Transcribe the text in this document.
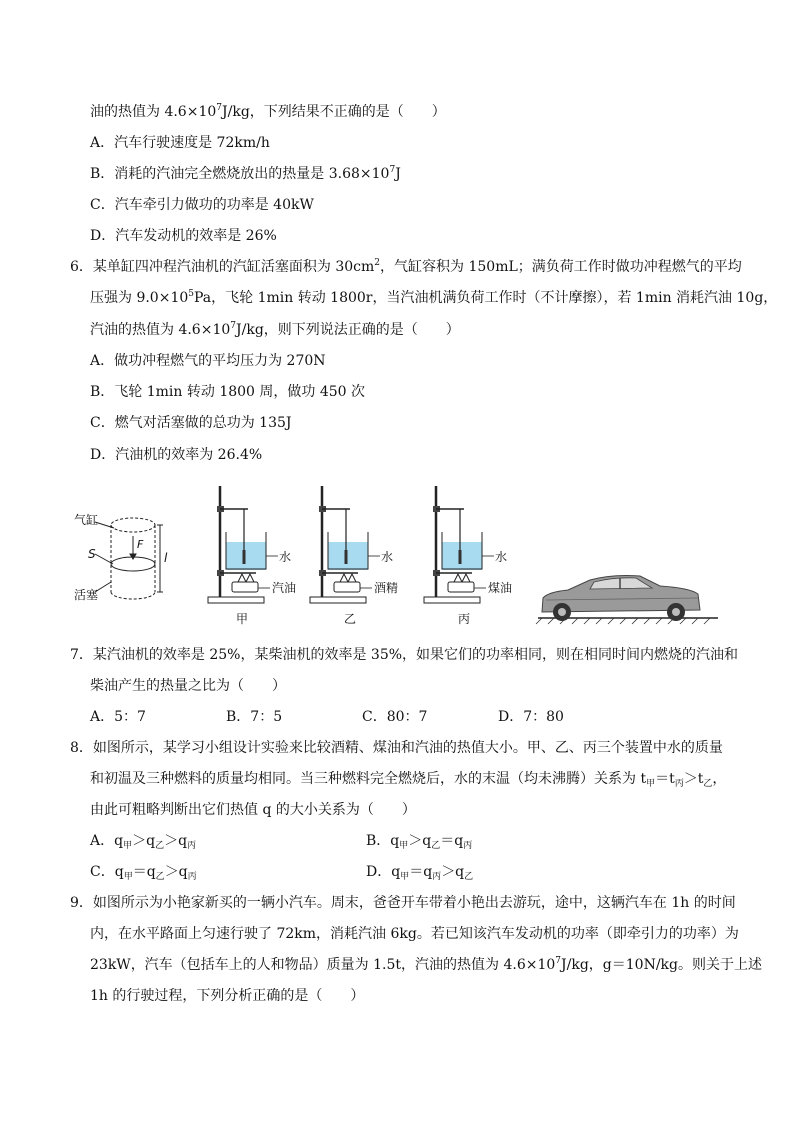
油的热值为 $4.6\times 10^7J/kg$，下列结果不正确的是（　　）
A．汽车行驶速度是 72km/h
B．消耗的汽油完全燃烧放出的热量是 $3.68\times 10^7J$
C．汽车牵引力做功的功率是 40kW
D．汽车发动机的效率是 26%
6．某单缸四冲程汽油机的汽缸活塞面积为 $30cm^2$，气缸容积为 150mL；满负荷工作时做功冲程燃气的平均
压强为 $9.0\times 10^5Pa$，飞轮 1min 转动 1800r，当汽油机满负荷工作时（不计摩擦），若 1min 消耗汽油 10g，
汽油的热值为 $4.6\times 10^7J/kg$，则下列说法正确的是（　　）
A．做功冲程燃气的平均压力为 270N
B．飞轮 1min 转动 1800 周，做功 450 次
C．燃气对活塞做的总功为 135J
D．汽油机的效率为 26.4%
气缸
S
F
l
活塞
水
汽油
甲
水
酒精
乙
水
煤油
丙
7．某汽油机的效率是 25%，某柴油机的效率是 35%，如果它们的功率相同，则在相同时间内燃烧的汽油和
柴油产生的热量之比为（　　）
A．5：7	B．7：5	C．80：7	D．7：80
8．如图所示，某学习小组设计实验来比较酒精、煤油和汽油的热值大小。甲、乙、丙三个装置中水的质量
和初温及三种燃料的质量均相同。当三种燃料完全燃烧后，水的末温（均未沸腾）关系为 $t_甲=t_丙>t_乙$，
由此可粗略判断出它们热值 q 的大小关系为（　　）
A．$q_甲>q_乙>q_丙$	B．$q_甲>q_乙=q_丙$
C．$q_甲=q_乙>q_丙$	D．$q_甲=q_丙>q_乙$
9．如图所示为小艳家新买的一辆小汽车。周末，爸爸开车带着小艳出去游玩，途中，这辆汽车在 1h 的时间
内，在水平路面上匀速行驶了 72km，消耗汽油 6kg。若已知该汽车发动机的功率（即牵引力的功率）为
23kW，汽车（包括车上的人和物品）质量为 1.5t，汽油的热值为 $4.6\times 10^7J/kg$，g＝10N/kg。则关于上述
1h 的行驶过程，下列分析正确的是（　　）
